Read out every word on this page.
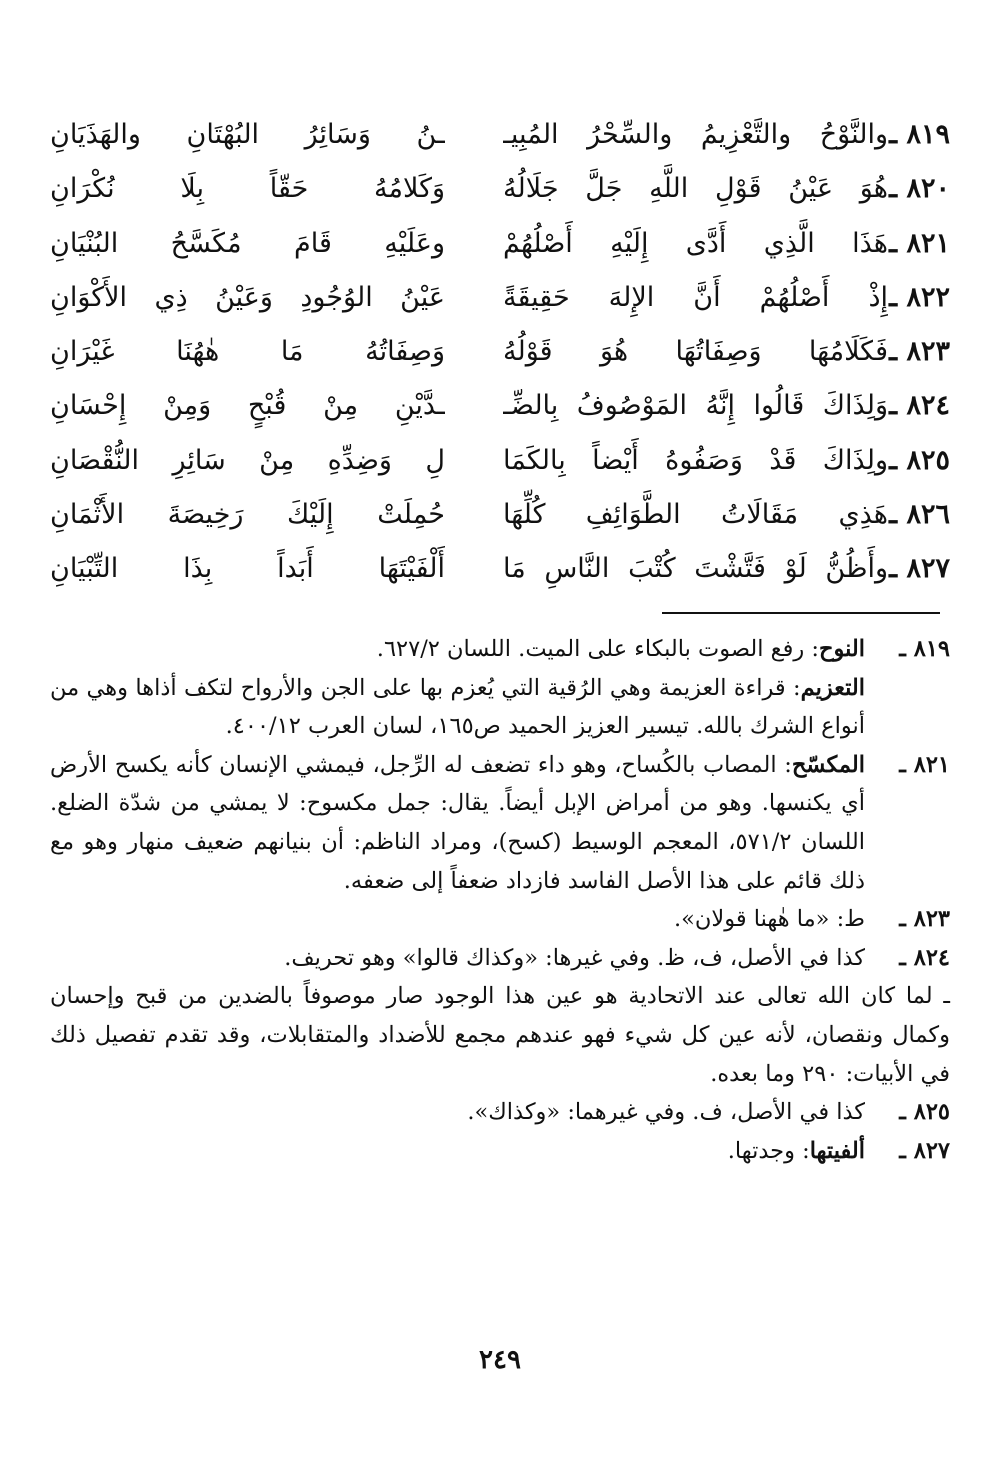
٨١٩ ـ
والنَّوْحُ والتَّعْزِيمُ والسِّحْرُ المُبِيـ
ـنُ وَسَائِرُ البُهْتَانِ والهَذَيَانِ
٨٢٠ ـ
هُوَ عَيْنُ قَوْلِ اللَّهِ جَلَّ جَلَالُهُ
وَكَلامُهُ حَقّاً بِلَا نُكْرَانِ
٨٢١ ـ
هَذَا الَّذِي أَدَّى إِلَيْهِ أَصْلُهُمْ
وعَلَيْهِ قَامَ مُكَسَّحُ البُنْيَانِ
٨٢٢ ـ
إِذْ أَصْلُهُمْ أَنَّ الإِلهَ حَقِيقَةً
عَيْنُ الوُجُودِ وَعَيْنُ ذِي الأَكْوَانِ
٨٢٣ ـ
فَكَلَامُهَا وَصِفَاتُهَا هُوَ قَوْلُهُ
وَصِفَاتُهُ مَا هٰهُنَا غَيْرَانِ
٨٢٤ ـ
وَلِذَاكَ قَالُوا إِنَّهُ المَوْصُوفُ بِالضِّـ
ـدَّيْنِ مِنْ قُبْحٍ وَمِنْ إِحْسَانِ
٨٢٥ ـ
ولِذَاكَ قَدْ وَصَفُوهُ أَيْضاً بِالكَمَا
لِ وَضِدِّهِ مِنْ سَائِرِ النُّقْصَانِ
٨٢٦ ـ
هَذِي مَقَالَاتُ الطَّوَائِفِ كُلِّهَا
حُمِلَتْ إِلَيْكَ رَخِيصَةَ الأَثْمَانِ
٨٢٧ ـ
وأَظُنُّ لَوْ فَتَّشْتَ كُتْبَ النَّاسِ مَا
أَلْفَيْتَهَا أَبَداً بِذَا التِّبْيَانِ
٨١٩ ـ
النوح: رفع الصوت بالبكاء على الميت. اللسان ٦٢٧/٢.
التعزيم: قراءة العزيمة وهي الرُقية التي يُعزم بها على الجن والأرواح لتكف أذاها وهي من أنواع الشرك بالله. تيسير العزيز الحميد ص١٦٥، لسان العرب ٤٠٠/١٢.
٨٢١ ـ
المكسّح: المصاب بالكُساح، وهو داء تضعف له الرِّجل، فيمشي الإنسان كأنه يكسح الأرض أي يكنسها. وهو من أمراض الإبل أيضاً. يقال: جمل مكسوح: لا يمشي من شدّة الضلع. اللسان ٥٧١/٢، المعجم الوسيط (كسح)، ومراد الناظم: أن بنيانهم ضعيف منهار وهو مع ذلك قائم على هذا الأصل الفاسد فازداد ضعفاً إلى ضعفه.
٨٢٣ ـ
ط: «ما هٰهنا قولان».
٨٢٤ ـ
كذا في الأصل، ف، ظ. وفي غيرها: «وكذاك قالوا» وهو تحريف.
ـ لما كان الله تعالى عند الاتحادية هو عين هذا الوجود صار موصوفاً بالضدين من قبح وإحسان وكمال ونقصان، لأنه عين كل شيء فهو عندهم مجمع للأضداد والمتقابلات، وقد تقدم تفصيل ذلك في الأبيات: ٢٩٠ وما بعده.
٨٢٥ ـ
كذا في الأصل، ف. وفي غيرهما: «وكذاك».
٨٢٧ ـ
ألفيتها: وجدتها.
٢٤٩
